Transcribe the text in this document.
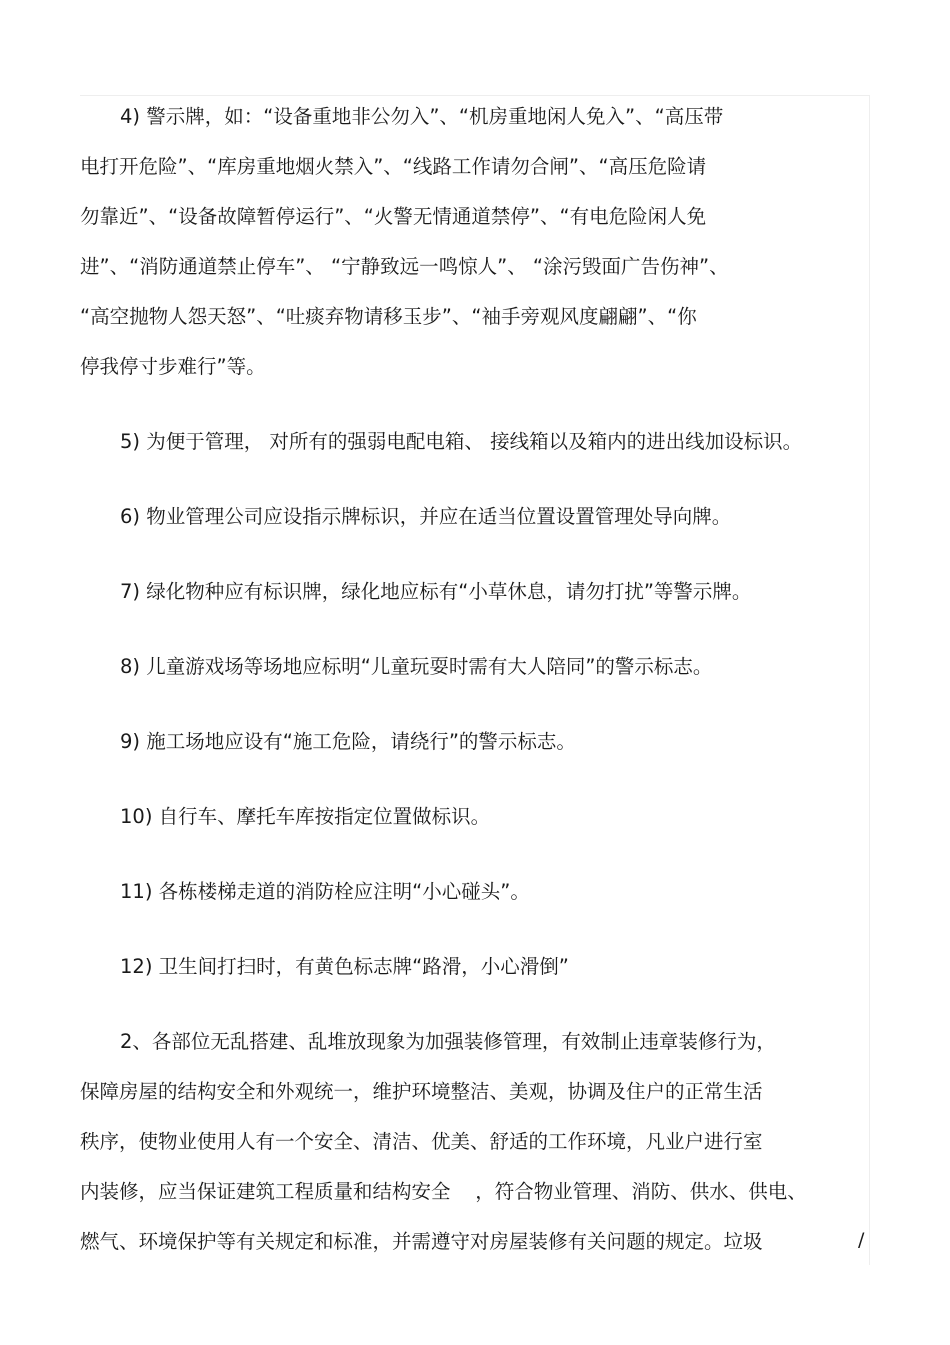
4) 警示牌，如：“设备重地非公勿入”、“机房重地闲人免入”、“高压带
电打开危险”、“库房重地烟火禁入”、“线路工作请勿合闸”、“高压危险请
勿靠近”、“设备故障暂停运行”、“火警无情通道禁停”、“有电危险闲人免
进”、“消防通道禁止停车”、 “宁静致远一鸣惊人”、 “涂污毁面广告伤神”、
“高空抛物人怨天怒”、“吐痰弃物请移玉步”、“袖手旁观风度翩翩”、“你
停我停寸步难行”等。
5) 为便于管理， 对所有的强弱电配电箱、 接线箱以及箱内的进出线加设标识。
6) 物业管理公司应设指示牌标识，并应在适当位置设置管理处导向牌。
7) 绿化物种应有标识牌，绿化地应标有“小草休息，请勿打扰”等警示牌。
8) 儿童游戏场等场地应标明“儿童玩耍时需有大人陪同”的警示标志。
9) 施工场地应设有“施工危险，请绕行”的警示标志。
10) 自行车、摩托车库按指定位置做标识。
11) 各栋楼梯走道的消防栓应注明“小心碰头”。
12) 卫生间打扫时，有黄色标志牌“路滑，小心滑倒”
2、各部位无乱搭建、乱堆放现象为加强装修管理，有效制止违章装修行为，
保障房屋的结构安全和外观统一，维护环境整洁、美观，协调及住户的正常生活
秩序，使物业使用人有一个安全、清洁、优美、舒适的工作环境，凡业户进行室
内装修，应当保证建筑工程质量和结构安全    ，符合物业管理、消防、供水、供电、
燃气、环境保护等有关规定和标准，并需遵守对房屋装修有关问题的规定。垃圾	/
